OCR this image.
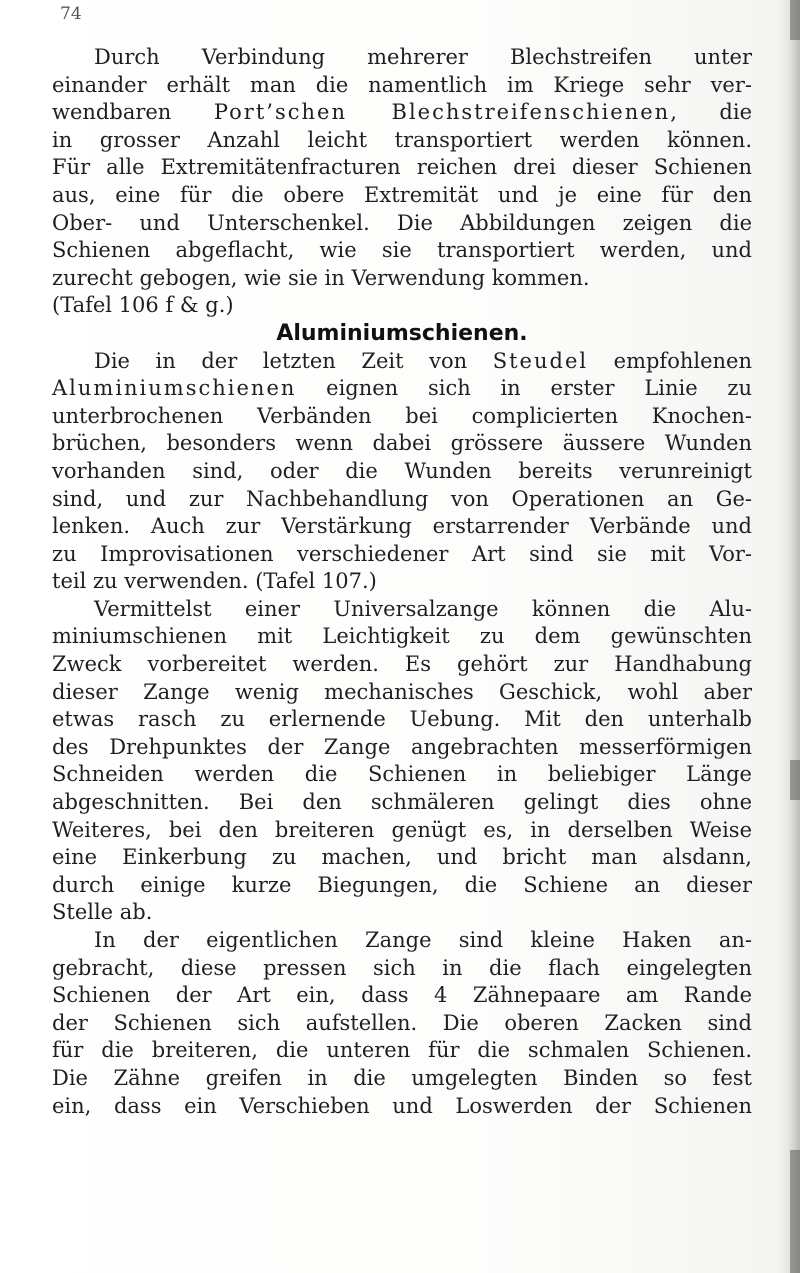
74

Durch Verbindung mehrerer Blechstreifen unter

einander erhält man die namentlich im Kriege sehr ver-

wendbaren Port’schen Blechstreifenschienen, die

in grosser Anzahl leicht transportiert werden können.

Für alle Extremitätenfracturen reichen drei dieser Schienen

aus, eine für die obere Extremität und je eine für den

Ober- und Unterschenkel. Die Abbildungen zeigen die

Schienen abgeflacht, wie sie transportiert werden, und

zurecht gebogen, wie sie in Verwendung kommen.

(Tafel 106 f & g.)

Aluminiumschienen.

Die in der letzten Zeit von Steudel empfohlenen

Aluminiumschienen eignen sich in erster Linie zu

unterbrochenen Verbänden bei complicierten Knochen-

brüchen, besonders wenn dabei grössere äussere Wunden

vorhanden sind, oder die Wunden bereits verunreinigt

sind, und zur Nachbehandlung von Operationen an Ge-

lenken. Auch zur Verstärkung erstarrender Verbände und

zu Improvisationen verschiedener Art sind sie mit Vor-

teil zu verwenden. (Tafel 107.)

Vermittelst einer Universalzange können die Alu-

miniumschienen mit Leichtigkeit zu dem gewünschten

Zweck vorbereitet werden. Es gehört zur Handhabung

dieser Zange wenig mechanisches Geschick, wohl aber

etwas rasch zu erlernende Uebung. Mit den unterhalb

des Drehpunktes der Zange angebrachten messerförmigen

Schneiden werden die Schienen in beliebiger Länge

abgeschnitten. Bei den schmäleren gelingt dies ohne

Weiteres, bei den breiteren genügt es, in derselben Weise

eine Einkerbung zu machen, und bricht man alsdann,

durch einige kurze Biegungen, die Schiene an dieser

Stelle ab.

In der eigentlichen Zange sind kleine Haken an-

gebracht, diese pressen sich in die flach eingelegten

Schienen der Art ein, dass 4 Zähnepaare am Rande

der Schienen sich aufstellen. Die oberen Zacken sind

für die breiteren, die unteren für die schmalen Schienen.

Die Zähne greifen in die umgelegten Binden so fest

ein, dass ein Verschieben und Loswerden der Schienen
